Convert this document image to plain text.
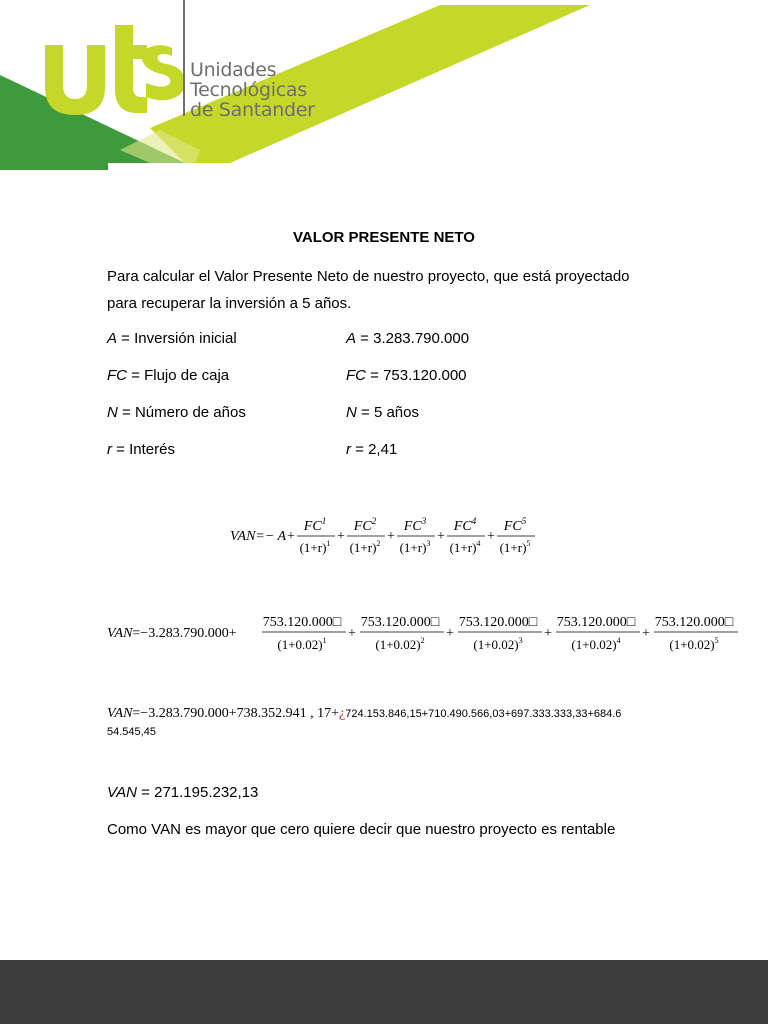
Unidades
Tecnológicas
de Santander
VALOR PRESENTE NETO
Para calcular el Valor Presente Neto de nuestro proyecto, que está proyectado
para recuperar la inversión a 5 años.
A = Inversión inicial	A = 3.283.790.000
FC = Flujo de caja	FC = 753.120.000
N = Número de años	N = 5 años
r = Interés	r = 2,41
VAN=− A+
$FC^1$
$(1+r)^1$ +
$FC^2$
$(1+r)^2$ +
$FC^3$
$(1+r)^3$ +
$FC^4$
$(1+r)^4$ +
$FC^5$
$(1+r)^5$
VAN=−3.283.790.000+
753.120.000□
$(1+0.02)^1$ +
753.120.000□
$(1+0.02)^2$ +
753.120.000□
$(1+0.02)^3$ +
753.120.000□
$(1+0.02)^4$ +
753.120.000□
$(1+0.02)^5$
VAN=−3.283.790.000+738.352.941 , 17+¿724.153.846,15+710.490.566,03+697.333.333,33+684.6
54.545,45
VAN = 271.195.232,13
Como VAN es mayor que cero quiere decir que nuestro proyecto es rentable
